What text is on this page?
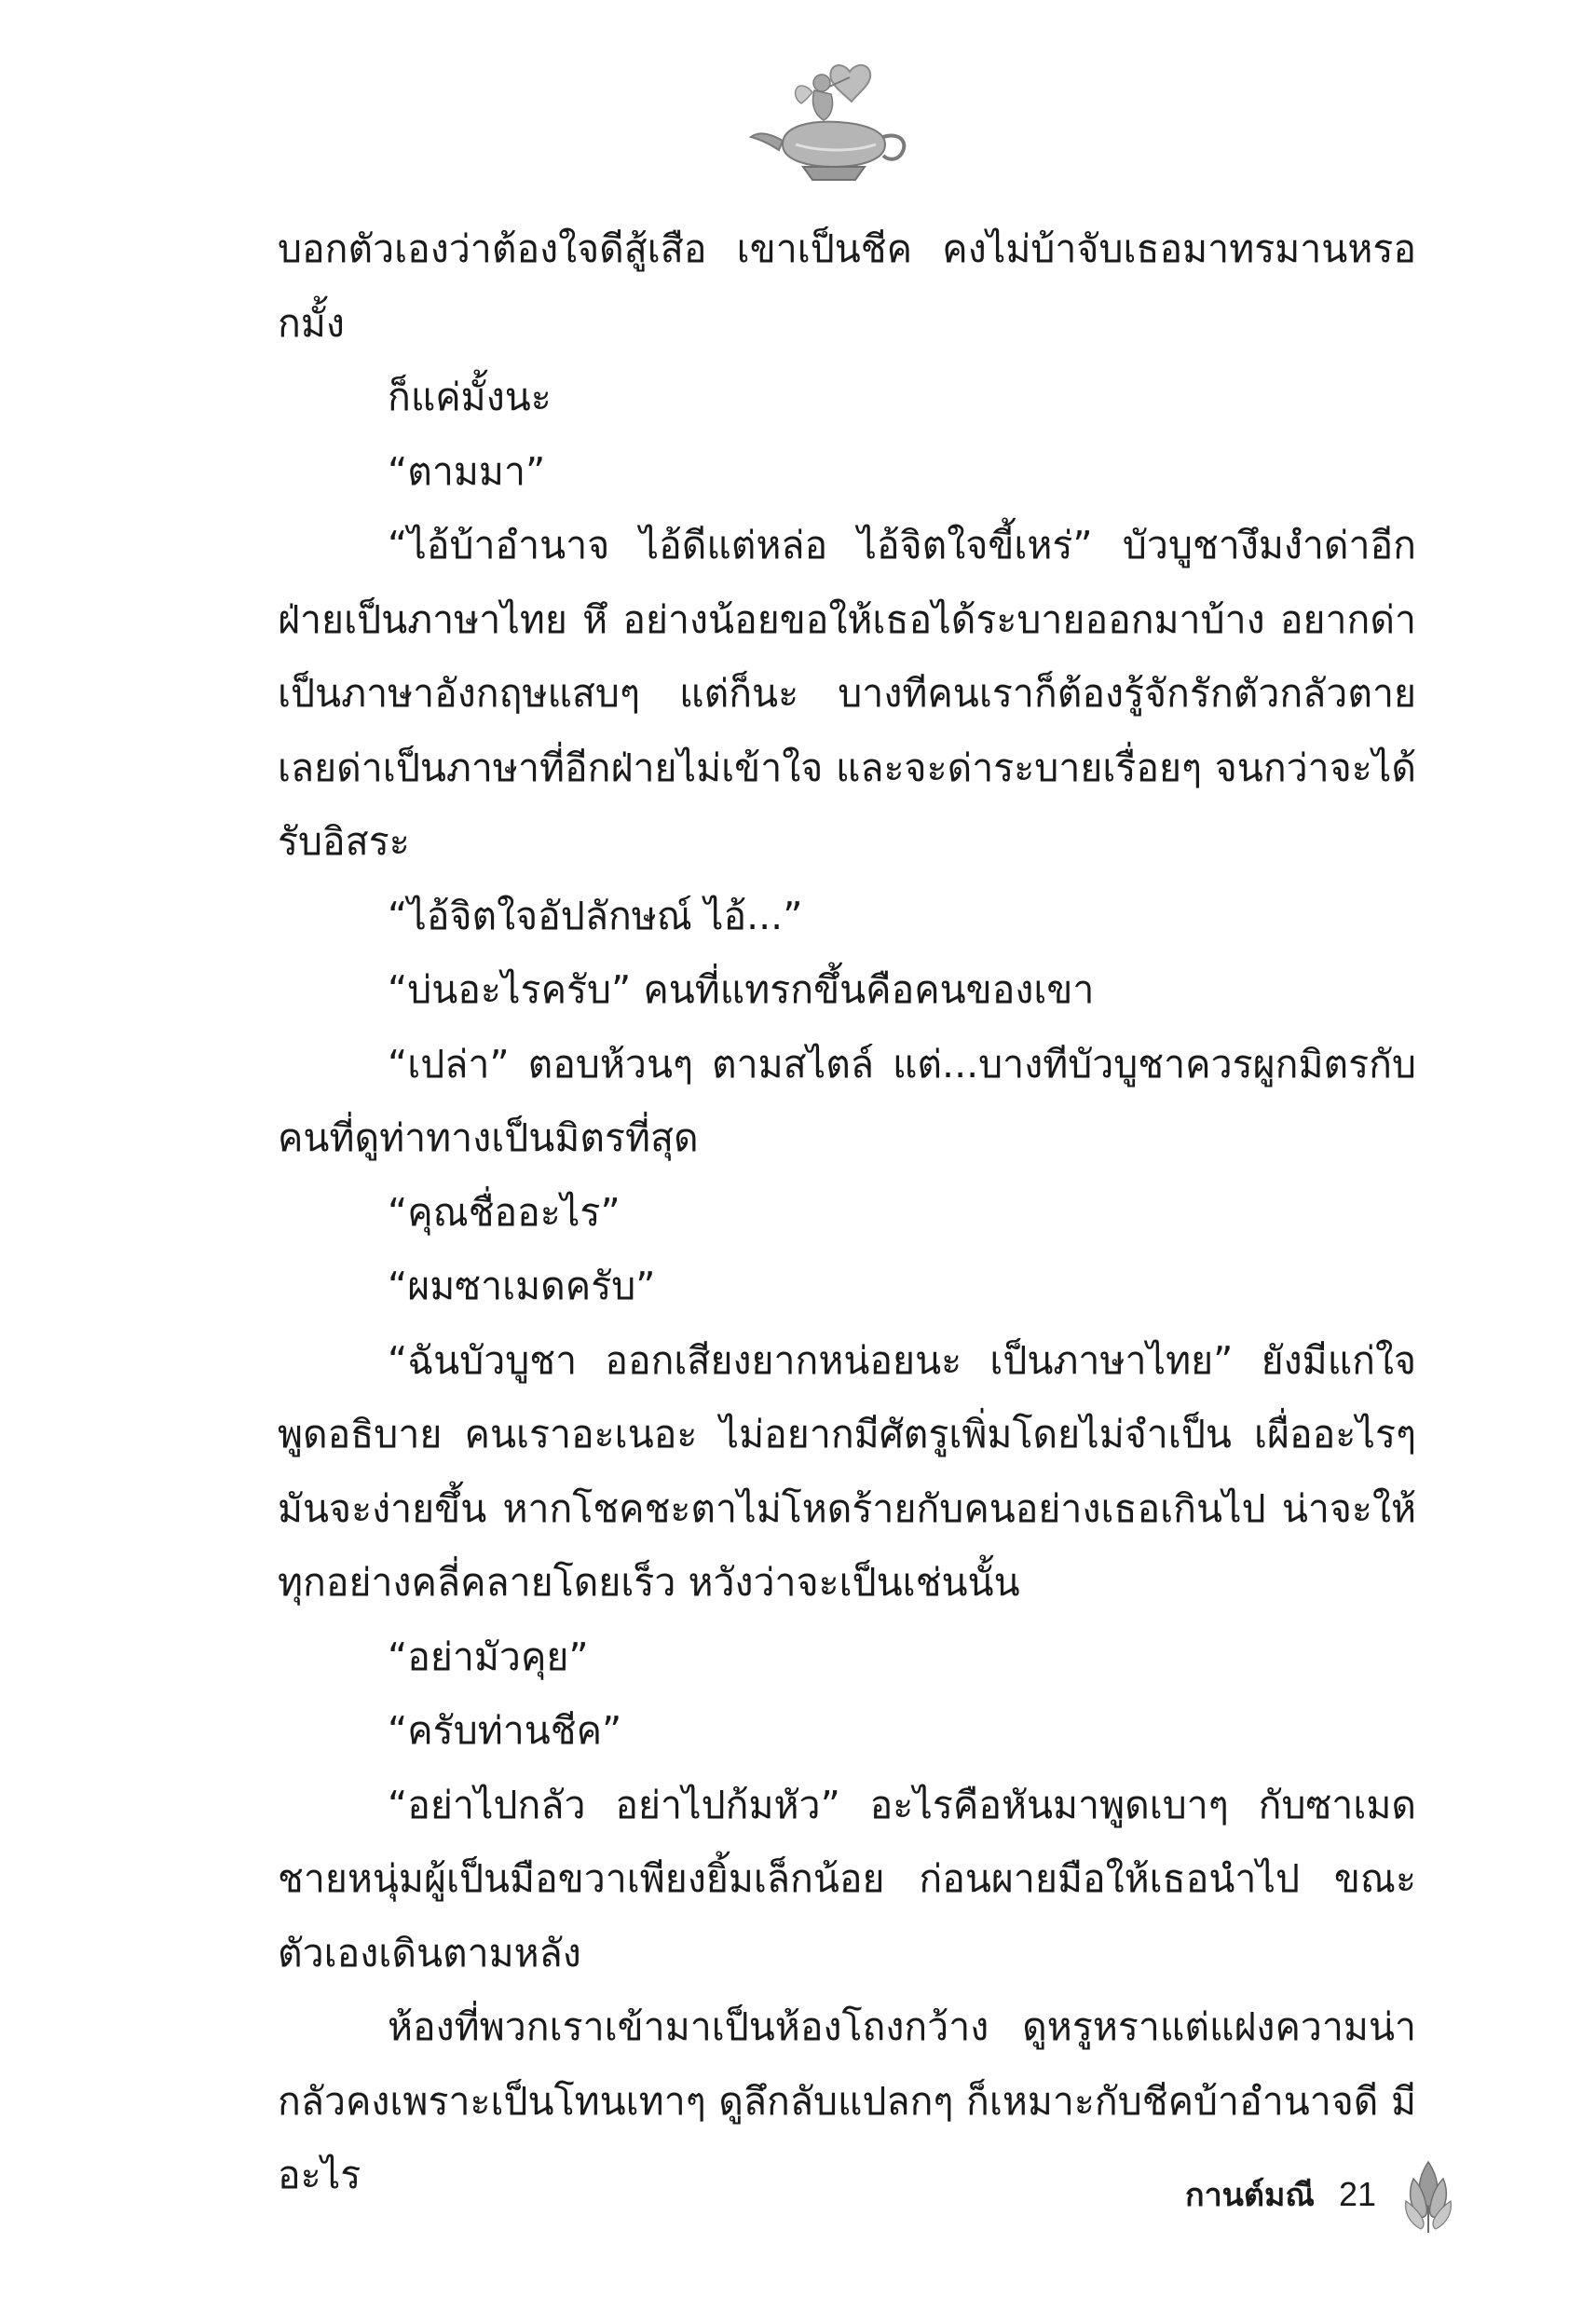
บอกตัวเองว่าต้องใจดีสู้เสือ เขาเป็นชีค คงไม่บ้าจับเธอมาทรมานหรอกมั้ง

ก็แค่มั้งนะ

“ตามมา”

“ไอ้บ้าอำนาจ ไอ้ดีแต่หล่อ ไอ้จิตใจขี้เหร่” บัวบูชางึมงำด่าอีกฝ่ายเป็นภาษาไทย หึ อย่างน้อยขอให้เธอได้ระบายออกมาบ้าง อยากด่าเป็นภาษาอังกฤษแสบๆ แต่ก็นะ บางทีคนเราก็ต้องรู้จักรักตัวกลัวตายเลยด่าเป็นภาษาที่อีกฝ่ายไม่เข้าใจ และจะด่าระบายเรื่อยๆ จนกว่าจะได้รับอิสระ

“ไอ้จิตใจอัปลักษณ์ ไอ้...”

“บ่นอะไรครับ” คนที่แทรกขึ้นคือคนของเขา

“เปล่า” ตอบห้วนๆ ตามสไตล์ แต่...บางทีบัวบูชาควรผูกมิตรกับคนที่ดูท่าทางเป็นมิตรที่สุด

“คุณชื่ออะไร”

“ผมซาเมดครับ”

“ฉันบัวบูชา ออกเสียงยากหน่อยนะ เป็นภาษาไทย” ยังมีแก่ใจพูดอธิบาย คนเราอะเนอะ ไม่อยากมีศัตรูเพิ่มโดยไม่จำเป็น เผื่ออะไรๆ มันจะง่ายขึ้น หากโชคชะตาไม่โหดร้ายกับคนอย่างเธอเกินไป น่าจะให้ทุกอย่างคลี่คลายโดยเร็ว หวังว่าจะเป็นเช่นนั้น

“อย่ามัวคุย”

“ครับท่านชีค”

“อย่าไปกลัว อย่าไปก้มหัว” อะไรคือหันมาพูดเบาๆ กับซาเมดชายหนุ่มผู้เป็นมือขวาเพียงยิ้มเล็กน้อย ก่อนผายมือให้เธอนำไป ขณะตัวเองเดินตามหลัง

ห้องที่พวกเราเข้ามาเป็นห้องโถงกว้าง ดูหรูหราแต่แฝงความน่ากลัวคงเพราะเป็นโทนเทาๆ ดูลึกลับแปลกๆ ก็เหมาะกับชีคบ้าอำนาจดี มีอะไร	กานต์มณี 21
